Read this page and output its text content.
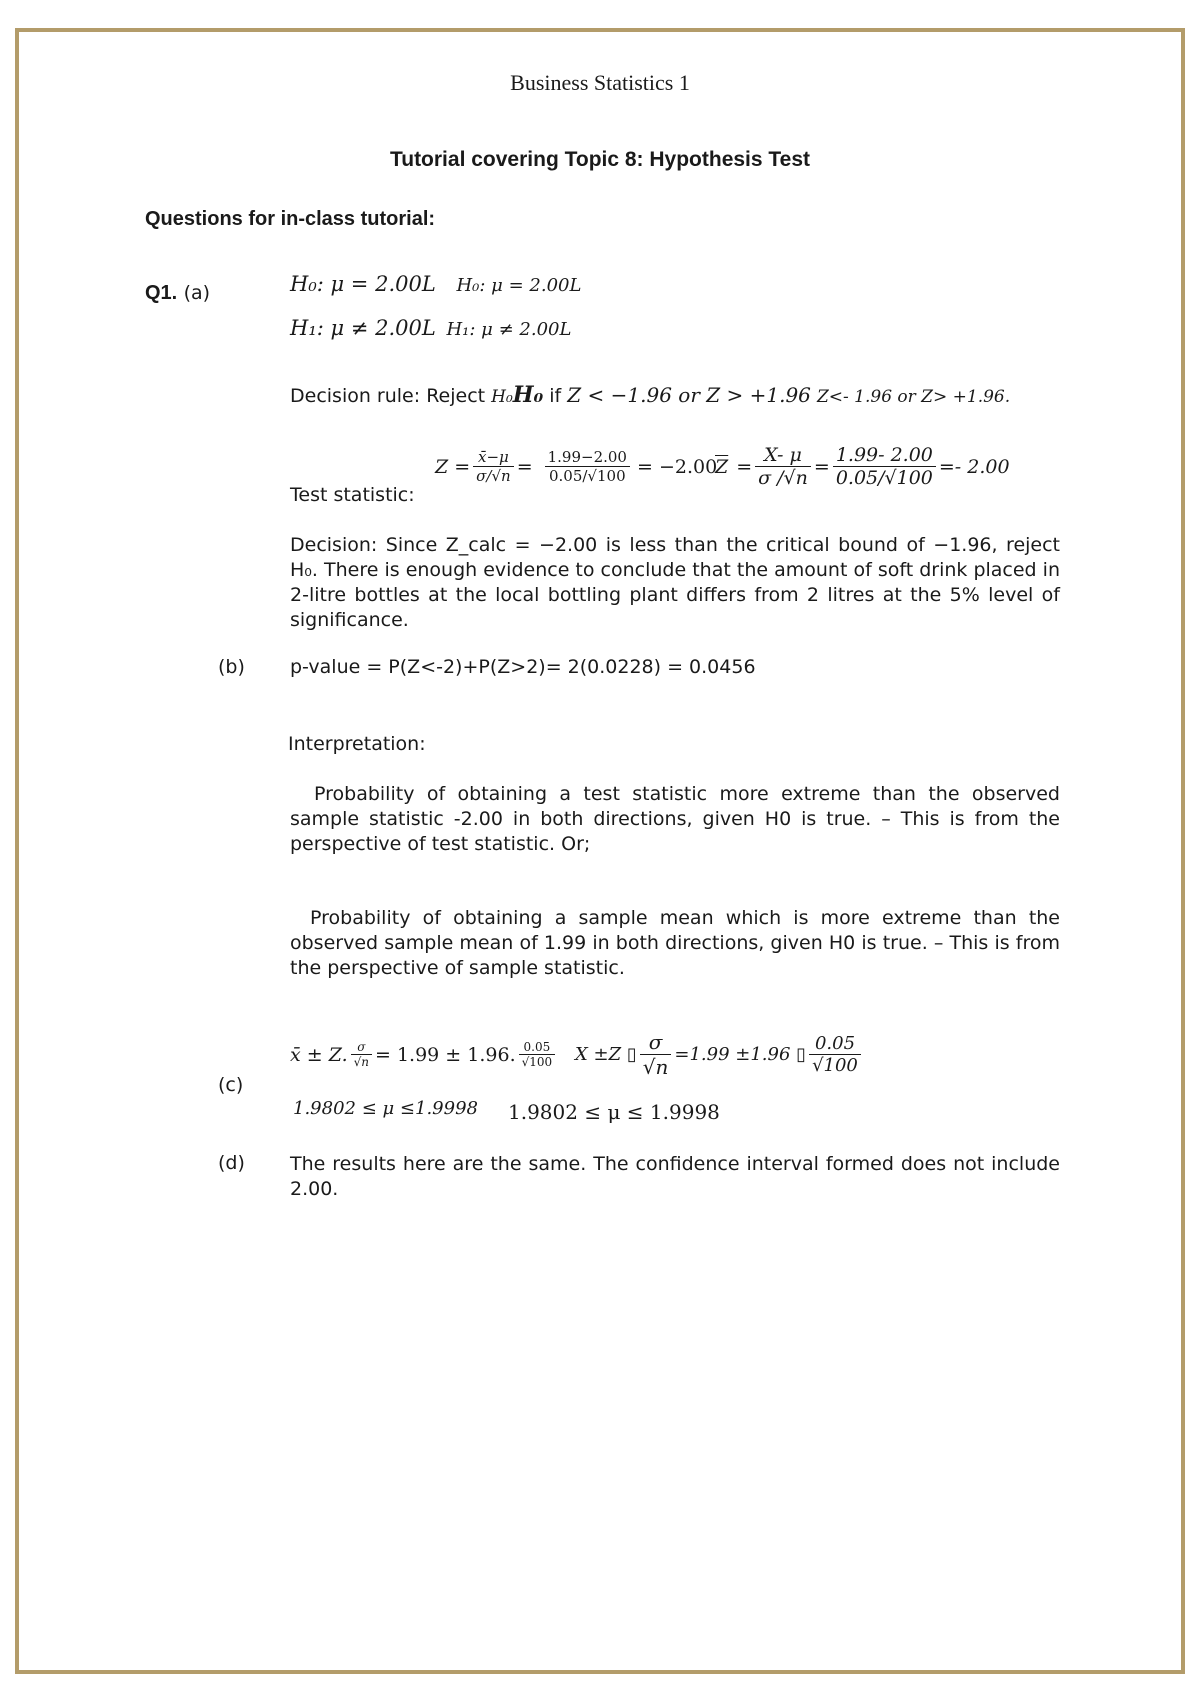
Business Statistics 1
Tutorial covering Topic 8: Hypothesis Test
Questions for in-class tutorial:
Q1. (a)	H₀: μ = 2.00L H₀: μ = 2.00L
H₁: μ ≠ 2.00L H₁: μ ≠ 2.00L
Decision rule: Reject H₀H₀ if Z < −1.96 or Z > +1.96 Z<- 1.96 or Z> +1.96.
Test statistic:
$Z = \frac{x̄-\mu}{\sigma/√n} = \frac{1.99-2.00}{0.05/√100} = -2.00$
$\overline{Z} = \frac{X- \mu}{\sigma /√n} = \frac{1.99- 2.00}{0.05/√100} =- 2.00$
Decision: Since Z_calc = −2.00 is less than the critical bound of −1.96, reject H₀. There is enough evidence to conclude that the amount of soft drink placed in 2-litre bottles at the local bottling plant differs from 2 litres at the 5% level of significance.
(b) p-value = P(Z<-2)+P(Z>2)= 2(0.0228) = 0.0456
Interpretation:
Probability of obtaining a test statistic more extreme than the observed sample statistic -2.00 in both directions, given H0 is true. – This is from the perspective of test statistic. Or;
Probability of obtaining a sample mean which is more extreme than the observed sample mean of 1.99 in both directions, given H0 is true. – This is from the perspective of sample statistic.
(c)
x̄ ± Z. $\frac{\sigma}{√n} = 1.99 \pm 1.96$. $\frac{0.05}{√100}$ X ±Z ▯ $\frac{\sigma}{√n} =1.99 \pm 1.96$ ▯ $\frac{0.05}{√100}$
1.9802 ≤ μ ≤1.9998 1.9802 ≤ μ ≤ 1.9998
(d) The results here are the same. The confidence interval formed does not include 2.00.
